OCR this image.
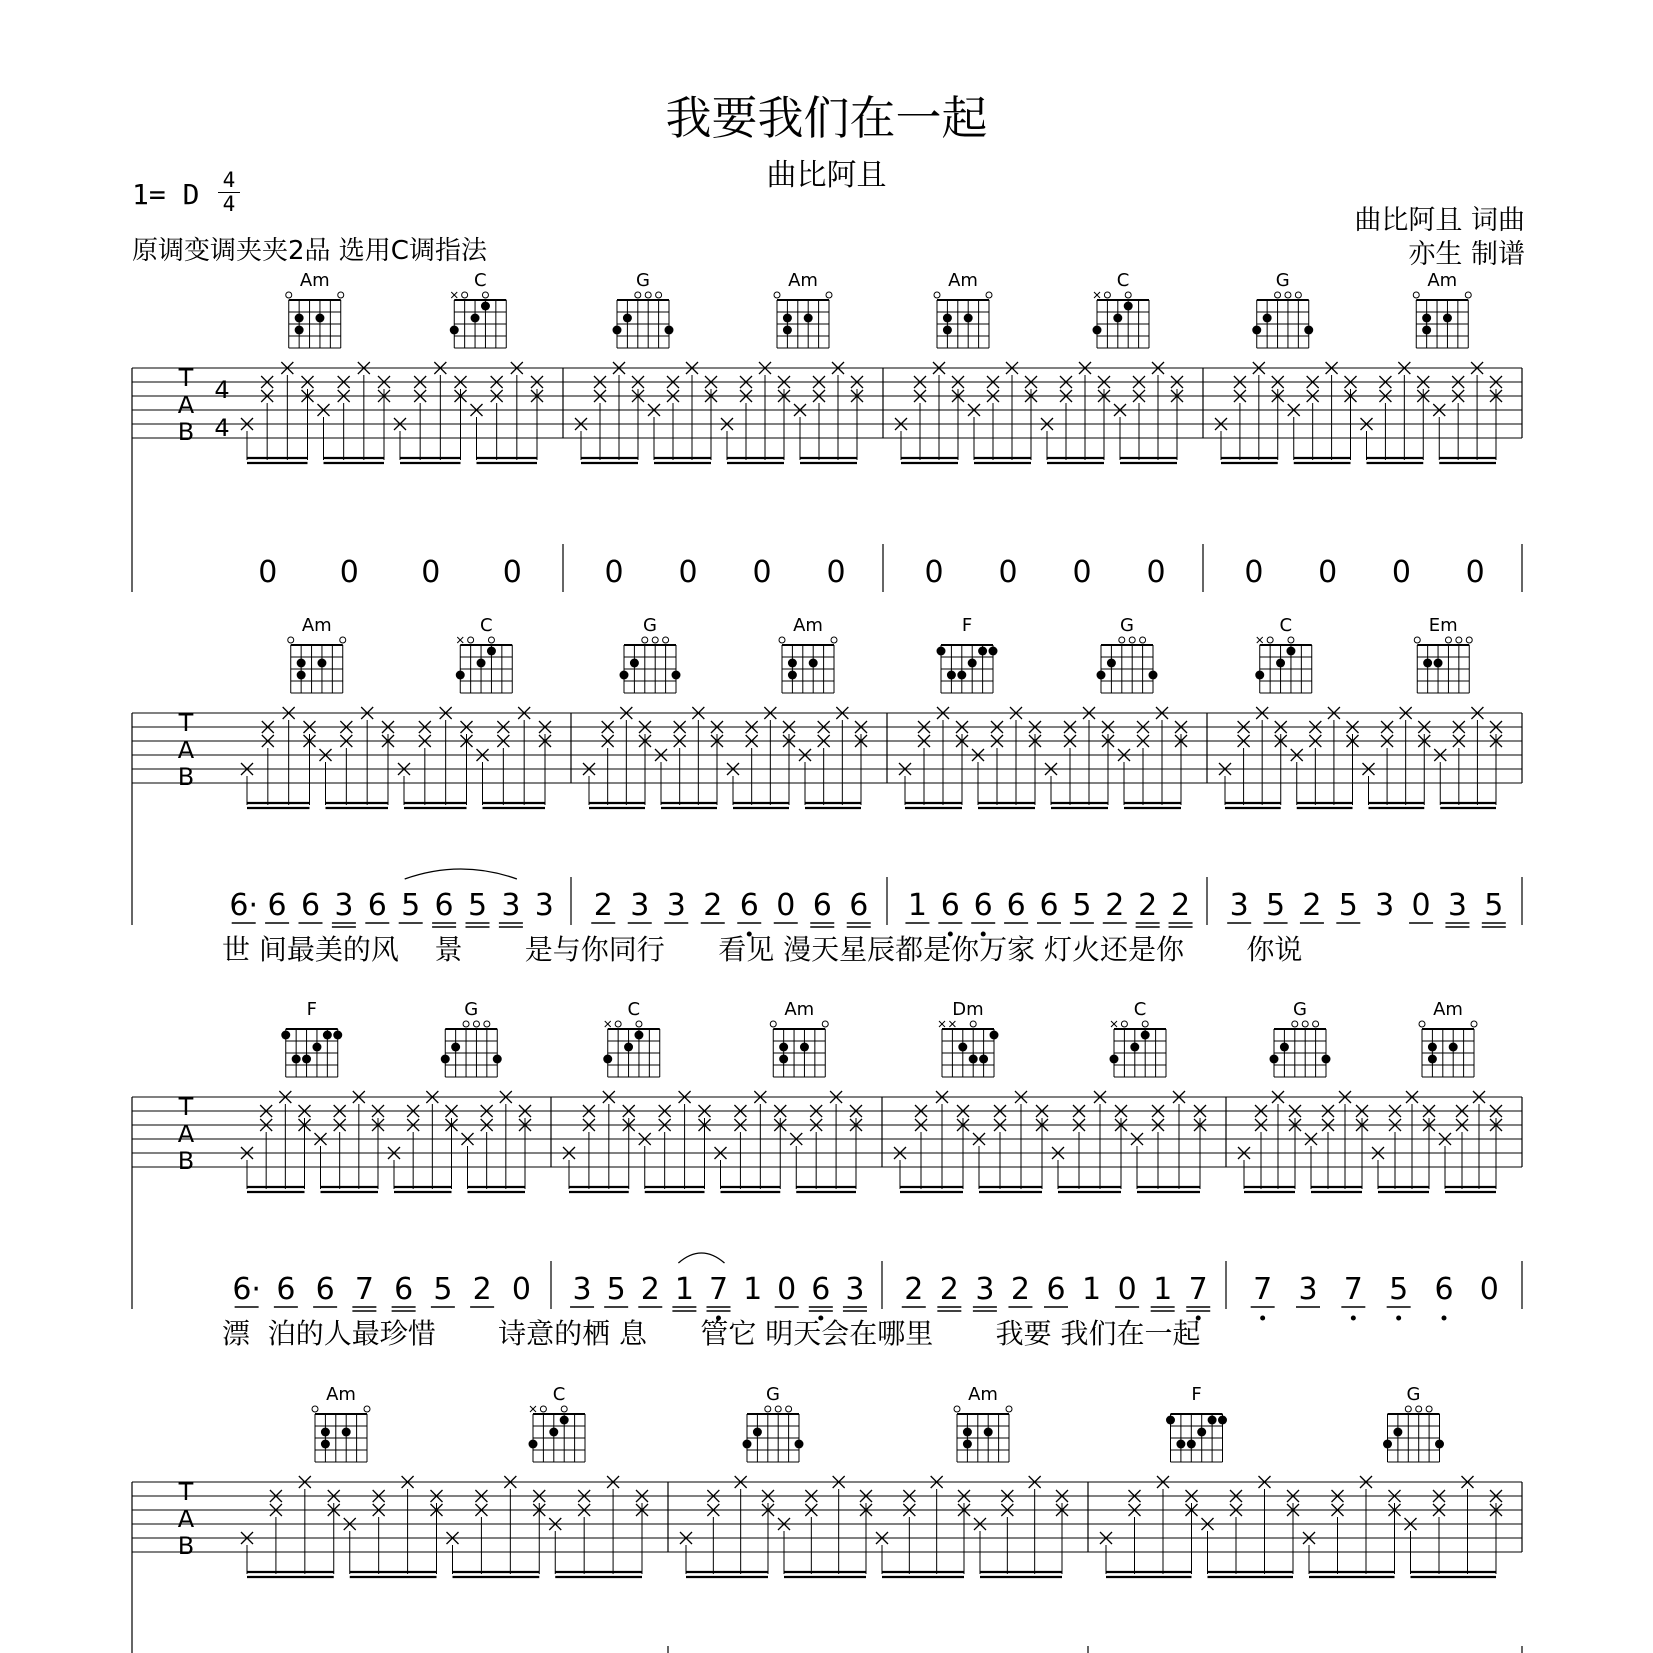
我要我们在一起
曲比阿且
1= D	4
4
原调变调夹夹2品 选用C调指法
曲比阿且 词曲
亦生 制谱
T
A
B
4
4
0 0 0 0	0 0 0 0	0 0 0 0	0 0 0 0
Am	C	G	Am	Am	C	G	Am
T
A
B
6· 6 6 3 6 5 6 5 3 3 2 3 3 2 6 0 6 6 1 6 6 6 6 5 2 2 2 3 5 2 5 3 0 3 5
世 间最美的风    景       是与你同行      看见 漫天星辰都是你万家 灯火还是你       你说
Am	C	G	Am	F	G	C	Em
T
A
B
6· 6 6 7 6 5 2 0 3 5 2 1 7 1 0 6 3 2 2 3 2 6 1 0 1 7 7 3 7 5 6 0
漂  泊的人最珍惜       诗意的栖 息      管它 明天会在哪里       我要 我们在一起
F	G	C	Am	Dm	C	G	Am
T
A
B
Am	C	G	Am	F	G
